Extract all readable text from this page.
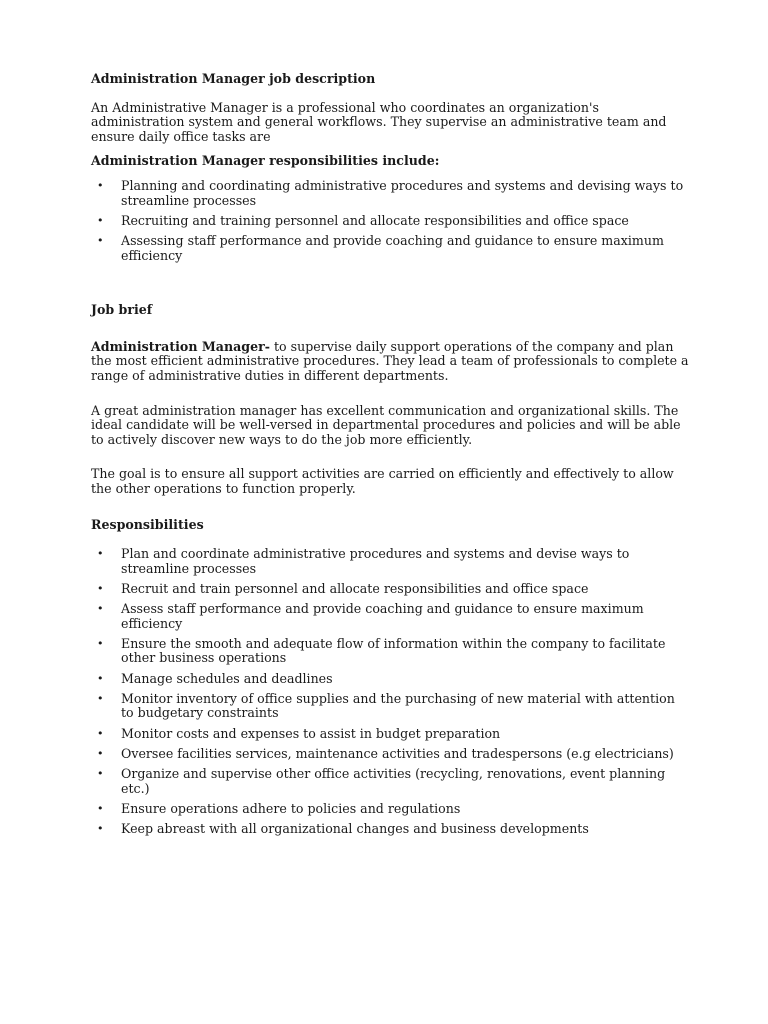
Administration Manager job description

An Administrative Manager is a professional who coordinates an organization's administration system and general workflows. They supervise an administrative team and ensure daily office tasks are

Administration Manager responsibilities include:

• Planning and coordinating administrative procedures and systems and devising ways to streamline processes
• Recruiting and training personnel and allocate responsibilities and office space
• Assessing staff performance and provide coaching and guidance to ensure maximum efficiency

Job brief

Administration Manager- to supervise daily support operations of the company and plan the most efficient administrative procedures. They lead a team of professionals to complete a range of administrative duties in different departments.

A great administration manager has excellent communication and organizational skills. The ideal candidate will be well-versed in departmental procedures and policies and will be able to actively discover new ways to do the job more efficiently.

The goal is to ensure all support activities are carried on efficiently and effectively to allow the other operations to function properly.

Responsibilities

• Plan and coordinate administrative procedures and systems and devise ways to streamline processes
• Recruit and train personnel and allocate responsibilities and office space
• Assess staff performance and provide coaching and guidance to ensure maximum efficiency
• Ensure the smooth and adequate flow of information within the company to facilitate other business operations
• Manage schedules and deadlines
• Monitor inventory of office supplies and the purchasing of new material with attention to budgetary constraints
• Monitor costs and expenses to assist in budget preparation
• Oversee facilities services, maintenance activities and tradespersons (e.g electricians)
• Organize and supervise other office activities (recycling, renovations, event planning etc.)
• Ensure operations adhere to policies and regulations
• Keep abreast with all organizational changes and business developments
